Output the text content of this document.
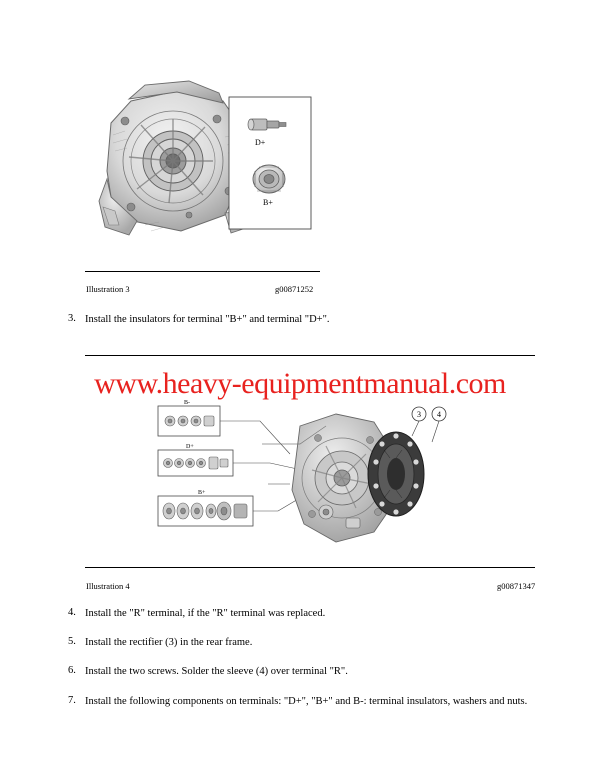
D+
B+
Illustration 3	g00871252
3. Install the insulators for terminal "B+" and terminal "D+".
B-
D+
B+
3 4
Illustration 4	g00871347
4. Install the "R" terminal, if the "R" terminal was replaced.
5. Install the rectifier (3) in the rear frame.
6. Install the two screws. Solder the sleeve (4) over terminal "R".
7. Install the following components on terminals: "D+", "B+" and B-: terminal insulators, washers and nuts.
www.heavy-equipmentmanual.com
